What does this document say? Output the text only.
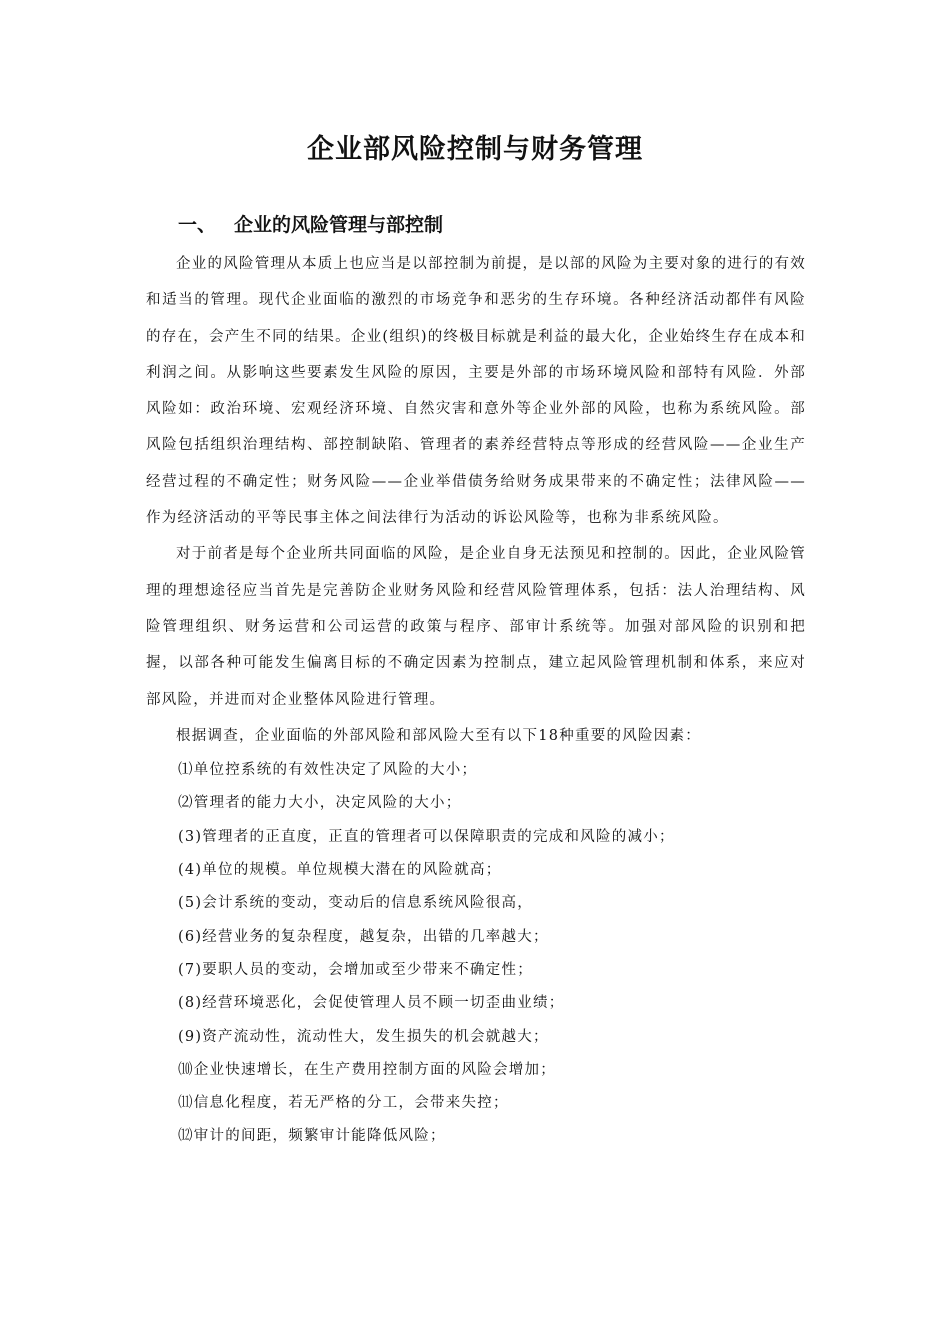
企业部风险控制与财务管理
一、 企业的风险管理与部控制

企业的风险管理从本质上也应当是以部控制为前提，是以部的风险为主要对象的进行的有效和适当的管理。现代企业面临的激烈的市场竞争和恶劣的生存环境。各种经济活动都伴有风险的存在，会产生不同的结果。企业(组织)的终极目标就是利益的最大化，企业始终生存在成本和利润之间。从影响这些要素发生风险的原因，主要是外部的市场环境风险和部特有风险．外部风险如：政治环境、宏观经济环境、自然灾害和意外等企业外部的风险，也称为系统风险。部风险包括组织治理结构、部控制缺陷、管理者的素养经营特点等形成的经营风险——企业生产经营过程的不确定性；财务风险——企业举借债务给财务成果带来的不确定性；法律风险——作为经济活动的平等民事主体之间法律行为活动的诉讼风险等，也称为非系统风险。

对于前者是每个企业所共同面临的风险，是企业自身无法预见和控制的。因此，企业风险管理的理想途径应当首先是完善防企业财务风险和经营风险管理体系，包括：法人治理结构、风险管理组织、财务运营和公司运营的政策与程序、部审计系统等。加强对部风险的识别和把握，以部各种可能发生偏离目标的不确定因素为控制点，建立起风险管理机制和体系，来应对部风险，并进而对企业整体风险进行管理。

根据调查，企业面临的外部风险和部风险大至有以下18种重要的风险因素：

⑴单位控系统的有效性决定了风险的大小；
⑵管理者的能力大小，决定风险的大小；
(3)管理者的正直度，正直的管理者可以保障职责的完成和风险的减小；
(4)单位的规模。单位规模大潜在的风险就高；
(5)会计系统的变动，变动后的信息系统风险很高，
(6)经营业务的复杂程度，越复杂，出错的几率越大；
(7)要职人员的变动，会增加或至少带来不确定性；
(8)经营环境恶化，会促使管理人员不顾一切歪曲业绩；
(9)资产流动性，流动性大，发生损失的机会就越大；
⑽企业快速增长，在生产费用控制方面的风险会增加；
⑾信息化程度，若无严格的分工，会带来失控；
⑿审计的间距，频繁审计能降低风险；
